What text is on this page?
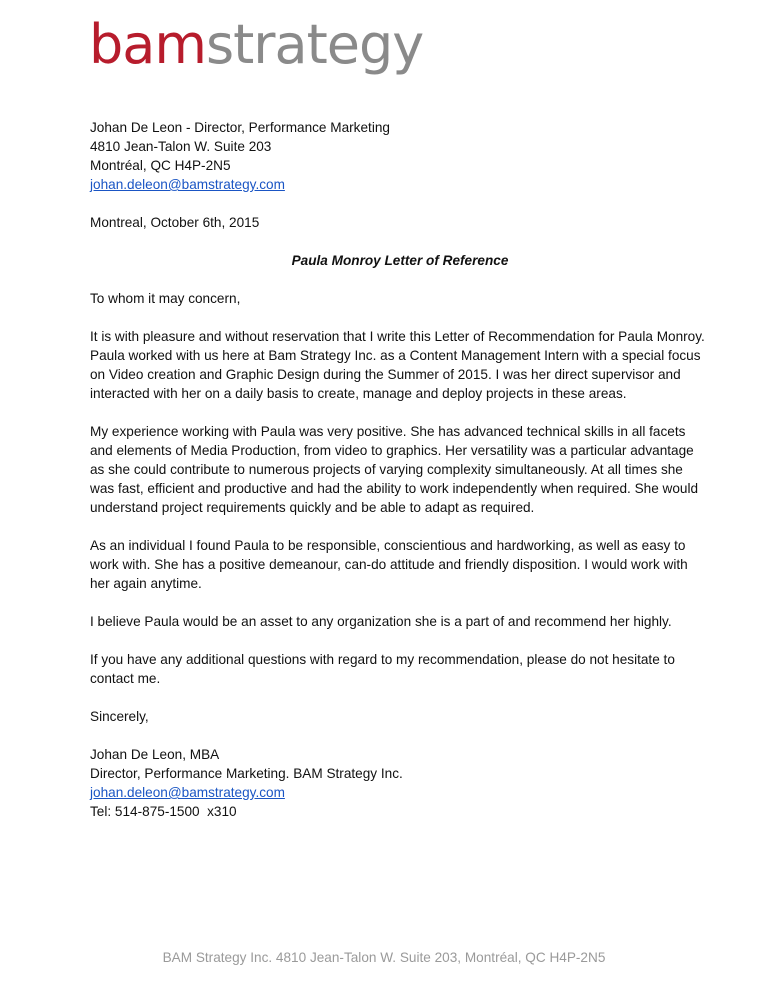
bamstrategy

Johan De Leon - Director, Performance Marketing

4810 Jean-Talon W. Suite 203

Montréal, QC H4P-2N5

johan.deleon@bamstrategy.com

Montreal, October 6th, 2015

Paula Monroy Letter of Reference

To whom it may concern,

It is with pleasure and without reservation that I write this Letter of Recommendation for Paula Monroy. Paula worked with us here at Bam Strategy Inc. as a Content Management Intern with a special focus on Video creation and Graphic Design during the Summer of 2015. I was her direct supervisor and interacted with her on a daily basis to create, manage and deploy projects in these areas.

My experience working with Paula was very positive. She has advanced technical skills in all facets and elements of Media Production, from video to graphics. Her versatility was a particular advantage as she could contribute to numerous projects of varying complexity simultaneously. At all times she was fast, efficient and productive and had the ability to work independently when required. She would understand project requirements quickly and be able to adapt as required.

As an individual I found Paula to be responsible, conscientious and hardworking, as well as easy to work with. She has a positive demeanour, can-do attitude and friendly disposition. I would work with her again anytime.

I believe Paula would be an asset to any organization she is a part of and recommend her highly.

If you have any additional questions with regard to my recommendation, please do not hesitate to contact me.

Sincerely,

Johan De Leon, MBA

Director, Performance Marketing. BAM Strategy Inc.

johan.deleon@bamstrategy.com

Tel: 514-875-1500  x310

BAM Strategy Inc. 4810 Jean-Talon W. Suite 203, Montréal, QC H4P-2N5
